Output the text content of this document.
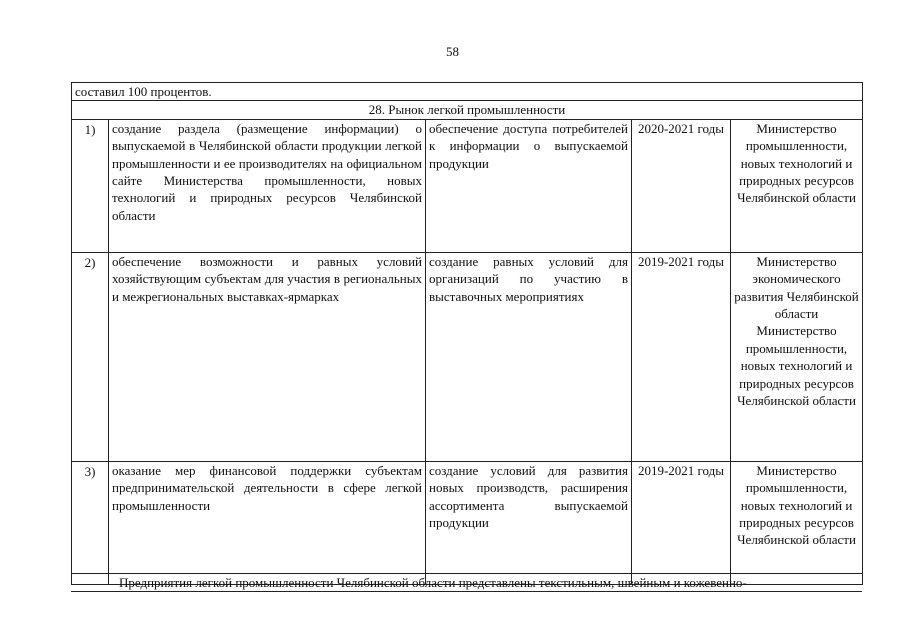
58
составил 100 процентов.				
28. Рынок легкой промышленности				
1)	создание раздела (размещение информации) о выпускаемой в Челябинской области продукции легкой промышленности и ее производителях на официальном сайте Министерства промышленности, новых технологий и природных ресурсов Челябинской области	обеспечение доступа потребителей к информации о выпускаемой продукции	2020-2021 годы	Министерство промышленности, новых технологий и природных ресурсов Челябинской области
2)	обеспечение возможности и равных условий хозяйствующим субъектам для участия в региональных и межрегиональных выставках-ярмарках	создание равных условий для организаций по участию в выставочных мероприятиях	2019-2021 годы	Министерство экономического развития Челябинской области Министерство промышленности, новых технологий и природных ресурсов Челябинской области
3)	оказание мер финансовой поддержки субъектам предпринимательской деятельности в сфере легкой промышленности	создание условий для развития новых производств, расширения ассортимента выпускаемой продукции	2019-2021 годы	Министерство промышленности, новых технологий и природных ресурсов Челябинской области
Предприятия легкой промышленности Челябинской области представлены текстильным, швейным и кожевенно-
